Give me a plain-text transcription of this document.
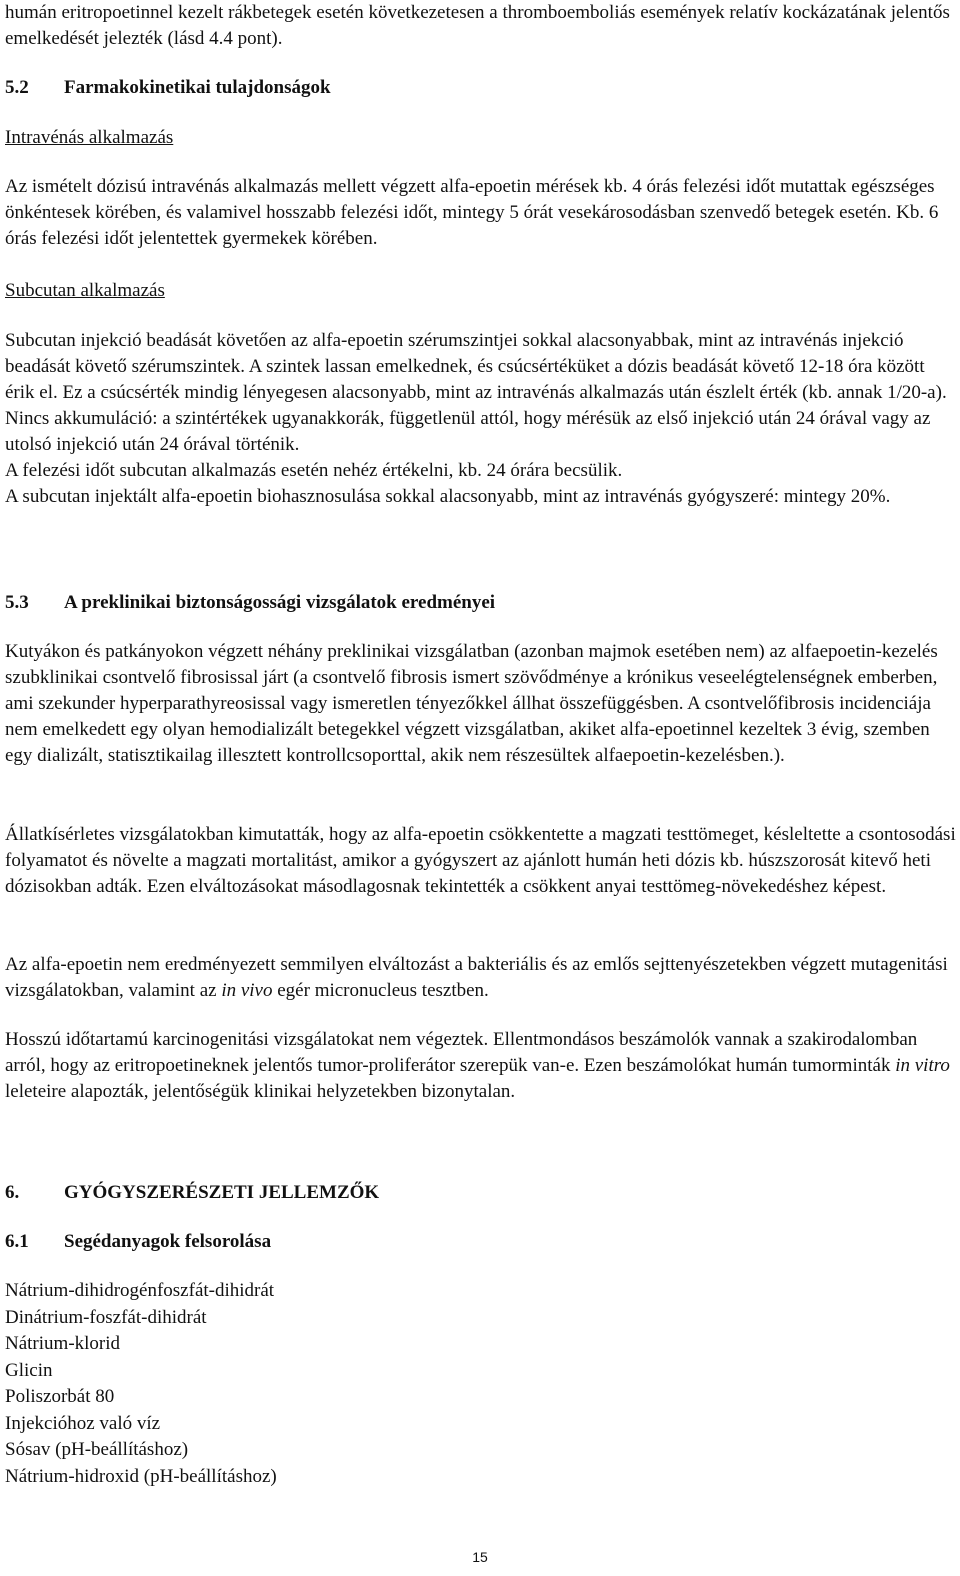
humán eritropoetinnel kezelt rákbetegek esetén következetesen a thromboemboliás események relatív kockázatának jelentős emelkedését jelezték (lásd 4.4 pont).

5.2 Farmakokinetikai tulajdonságok

Intravénás alkalmazás

Az ismételt dózisú intravénás alkalmazás mellett végzett alfa-epoetin mérések kb. 4 órás felezési időt mutattak egészséges önkéntesek körében, és valamivel hosszabb felezési időt, mintegy 5 órát vesekárosodásban szenvedő betegek esetén. Kb. 6 órás felezési időt jelentettek gyermekek körében.

Subcutan alkalmazás

Subcutan injekció beadását követően az alfa-epoetin szérumszintjei sokkal alacsonyabbak, mint az intravénás injekció beadását követő szérumszintek. A szintek lassan emelkednek, és csúcsértéküket a dózis beadását követő 12-18 óra között érik el. Ez a csúcsérték mindig lényegesen alacsonyabb, mint az intravénás alkalmazás után észlelt érték (kb. annak 1/20-a).

Nincs akkumuláció: a szintértékek ugyanakkorák, függetlenül attól, hogy mérésük az első injekció után 24 órával vagy az utolsó injekció után 24 órával történik.

A felezési időt subcutan alkalmazás esetén nehéz értékelni, kb. 24 órára becsülik.

A subcutan injektált alfa-epoetin biohasznosulása sokkal alacsonyabb, mint az intravénás gyógyszeré: mintegy 20%.

5.3 A preklinikai biztonságossági vizsgálatok eredményei

Kutyákon és patkányokon végzett néhány preklinikai vizsgálatban (azonban majmok esetében nem) az alfaepoetin-kezelés szubklinikai csontvelő fibrosissal járt (a csontvelő fibrosis ismert szövődménye a krónikus veseelégtelenségnek emberben, ami szekunder hyperparathyreosissal vagy ismeretlen tényezőkkel állhat összefüggésben. A csontvelőfibrosis incidenciája nem emelkedett egy olyan hemodializált betegekkel végzett vizsgálatban, akiket alfa-epoetinnel kezeltek 3 évig, szemben egy dializált, statisztikailag illesztett kontrollcsoporttal, akik nem részesültek alfaepoetin-kezelésben.).

Állatkísérletes vizsgálatokban kimutatták, hogy az alfa-epoetin csökkentette a magzati testtömeget, késleltette a csontosodási folyamatot és növelte a magzati mortalitást, amikor a gyógyszert az ajánlott humán heti dózis kb. húszszorosát kitevő heti dózisokban adták. Ezen elváltozásokat másodlagosnak tekintették a csökkent anyai testtömeg-növekedéshez képest.

Az alfa-epoetin nem eredményezett semmilyen elváltozást a bakteriális és az emlős sejttenyészetekben végzett mutagenitási vizsgálatokban, valamint az in vivo egér micronucleus tesztben.

Hosszú időtartamú karcinogenitási vizsgálatokat nem végeztek. Ellentmondásos beszámolók vannak a szakirodalomban arról, hogy az eritropoetineknek jelentős tumor-proliferátor szerepük van-e. Ezen beszámolókat humán tumorminták in vitro leleteire alapozták, jelentőségük klinikai helyzetekben bizonytalan.

6. GYÓGYSZERÉSZETI JELLEMZŐK
6.1 Segédanyagok felsorolása
Nátrium-dihidrogénfoszfát-dihidrát
Dinátrium-foszfát-dihidrát
Nátrium-klorid
Glicin
Poliszorbát 80
Injekcióhoz való víz
Sósav (pH-beállításhoz)
Nátrium-hidroxid (pH-beállításhoz)
15
